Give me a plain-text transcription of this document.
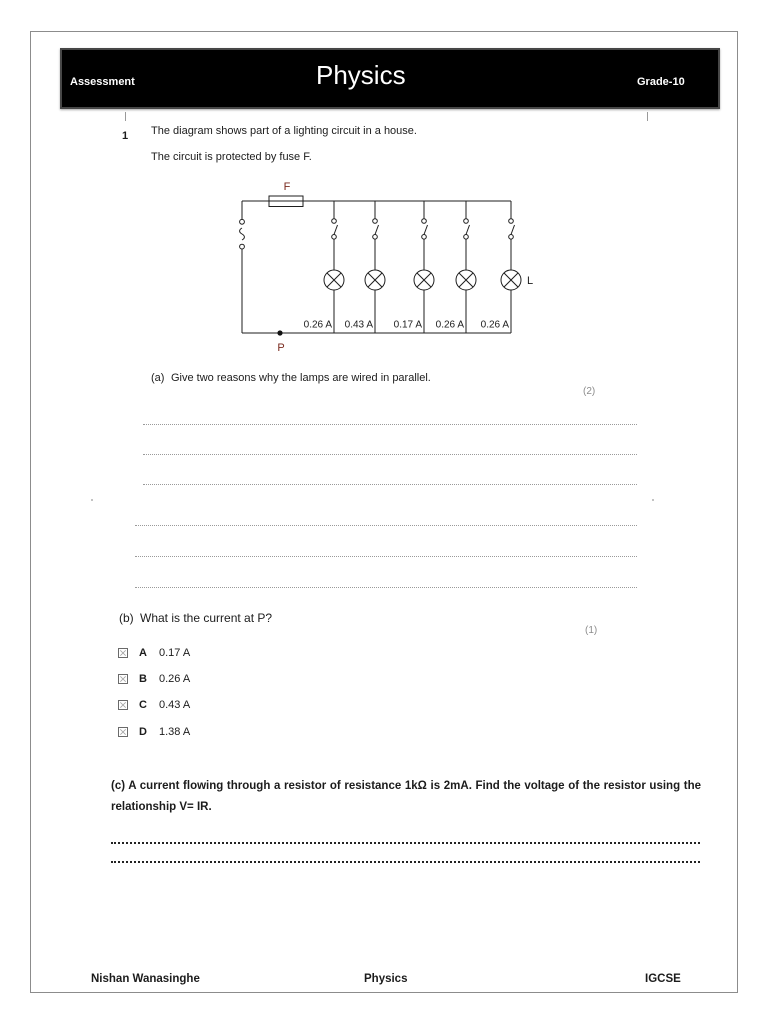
Assessment	Physics	Grade-10
1 The diagram shows part of a lighting circuit in a house.
The circuit is protected by fuse F.
F
P
L
0.26 A 0.43 A 0.17 A 0.26 A 0.26 A
(a) Give two reasons why the lamps are wired in parallel.
(2)
(b) What is the current at P?
(1)
A 0.17 A
B 0.26 A
C 0.43 A
D 1.38 A
(c) A current flowing through a resistor of resistance 1kΩ is 2mA. Find the voltage of the resistor using the relationship V= IR.
Nishan Wanasinghe	Physics	IGCSE
